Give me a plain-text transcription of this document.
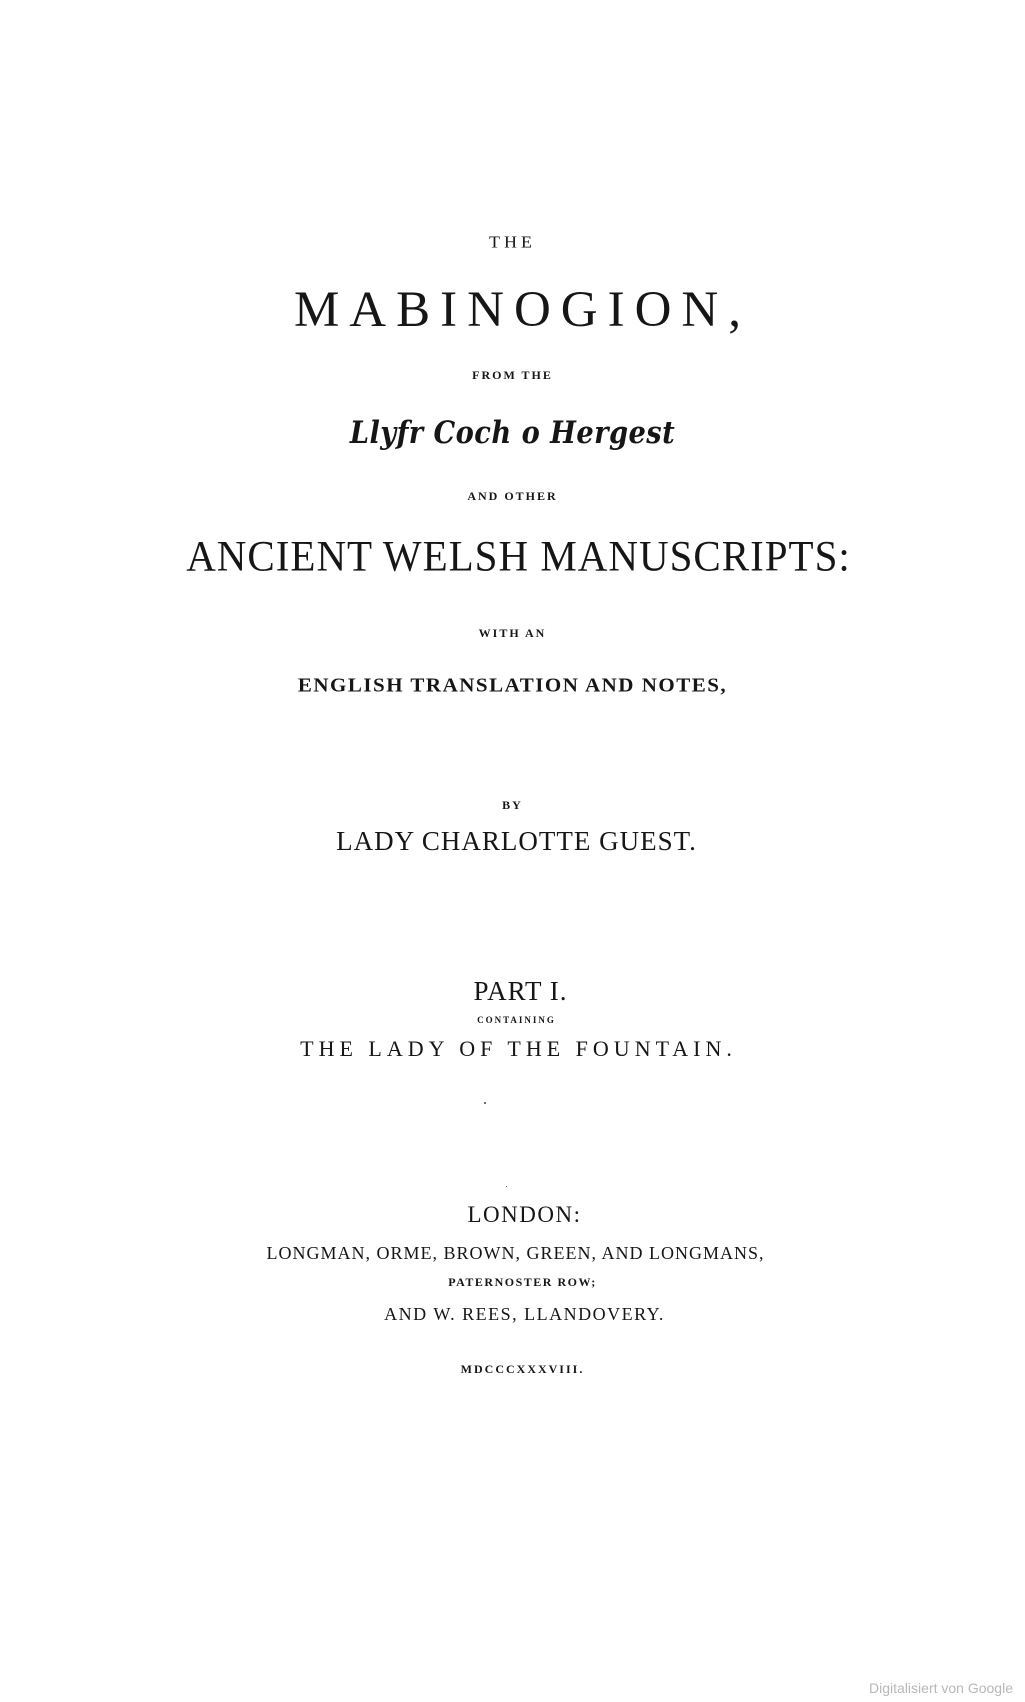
THE
MABINOGION,
FROM THE
Llyfr Coch o Hergest
AND OTHER
ANCIENT WELSH MANUSCRIPTS:
WITH AN
ENGLISH TRANSLATION AND NOTES,
BY
LADY CHARLOTTE GUEST.
PART I.
CONTAINING
THE LADY OF THE FOUNTAIN.
LONDON:
LONGMAN, ORME, BROWN, GREEN, AND LONGMANS,
PATERNOSTER ROW;
AND W. REES, LLANDOVERY.
MDCCCXXXVIII.
Digitalisiert von Google
